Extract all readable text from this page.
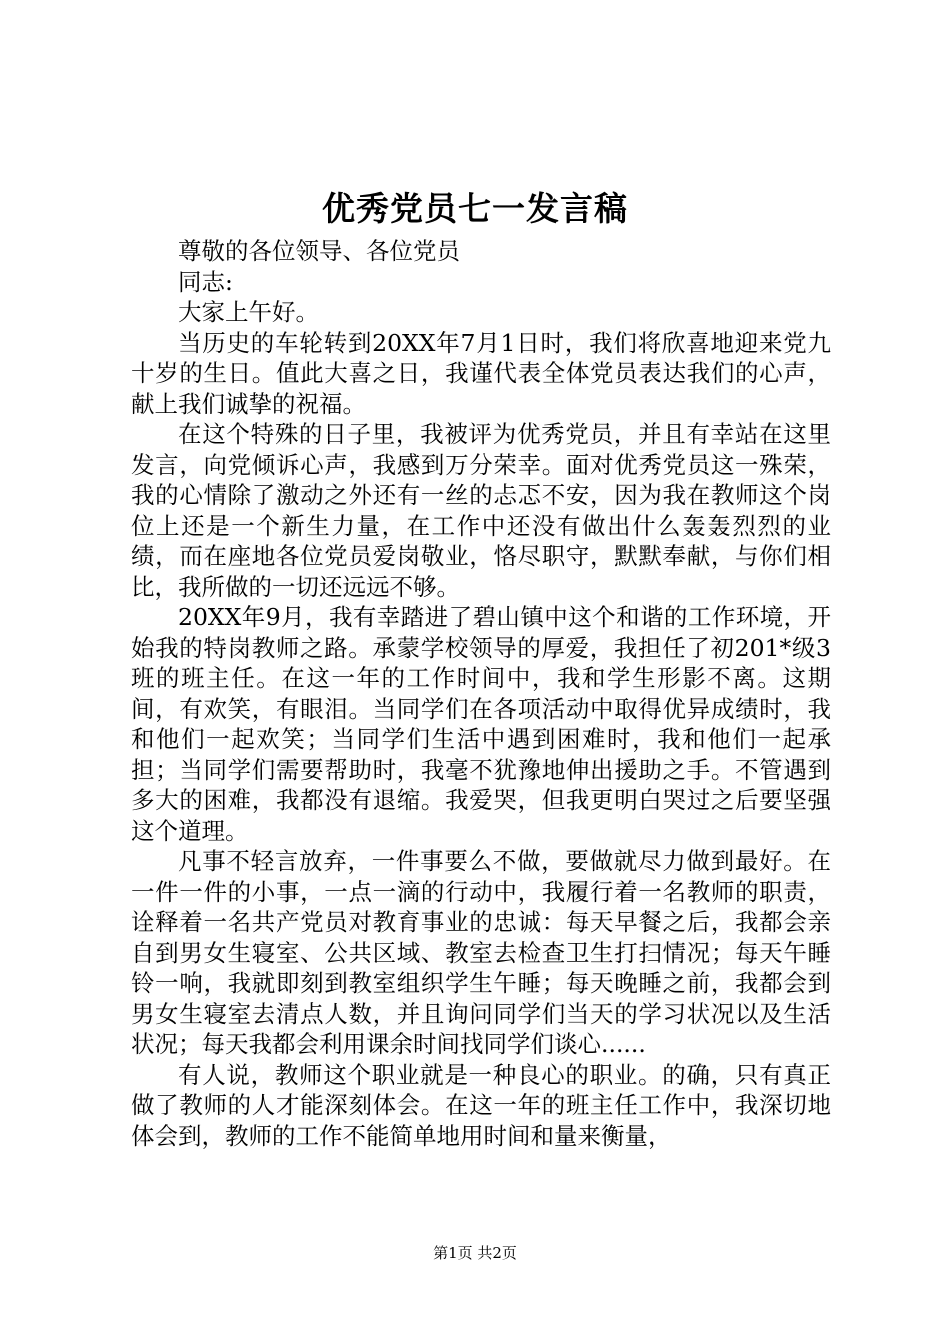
优秀党员七一发言稿

尊敬的各位领导、各位党员

同志:

大家上午好。

当历史的车轮转到20XX年7月1日时，我们将欣喜地迎来党九十岁的生日。值此大喜之日，我谨代表全体党员表达我们的心声，献上我们诚挚的祝福。

在这个特殊的日子里，我被评为优秀党员，并且有幸站在这里发言，向党倾诉心声，我感到万分荣幸。面对优秀党员这一殊荣，我的心情除了激动之外还有一丝的忐忑不安，因为我在教师这个岗位上还是一个新生力量，在工作中还没有做出什么轰轰烈烈的业绩，而在座地各位党员爱岗敬业，恪尽职守，默默奉献，与你们相比，我所做的一切还远远不够。

20XX年9月，我有幸踏进了碧山镇中这个和谐的工作环境，开始我的特岗教师之路。承蒙学校领导的厚爱，我担任了初201*级3班的班主任。在这一年的工作时间中，我和学生形影不离。这期间，有欢笑，有眼泪。当同学们在各项活动中取得优异成绩时，我和他们一起欢笑；当同学们生活中遇到困难时，我和他们一起承担；当同学们需要帮助时，我毫不犹豫地伸出援助之手。不管遇到多大的困难，我都没有退缩。我爱哭，但我更明白哭过之后要坚强这个道理。

凡事不轻言放弃，一件事要么不做，要做就尽力做到最好。在一件一件的小事，一点一滴的行动中，我履行着一名教师的职责，诠释着一名共产党员对教育事业的忠诚：每天早餐之后，我都会亲自到男女生寝室、公共区域、教室去检查卫生打扫情况；每天午睡铃一响，我就即刻到教室组织学生午睡；每天晚睡之前，我都会到男女生寝室去清点人数，并且询问同学们当天的学习状况以及生活状况；每天我都会利用课余时间找同学们谈心......

有人说，教师这个职业就是一种良心的职业。的确，只有真正做了教师的人才能深刻体会。在这一年的班主任工作中，我深切地体会到，教师的工作不能简单地用时间和量来衡量，

第1页 共2页
